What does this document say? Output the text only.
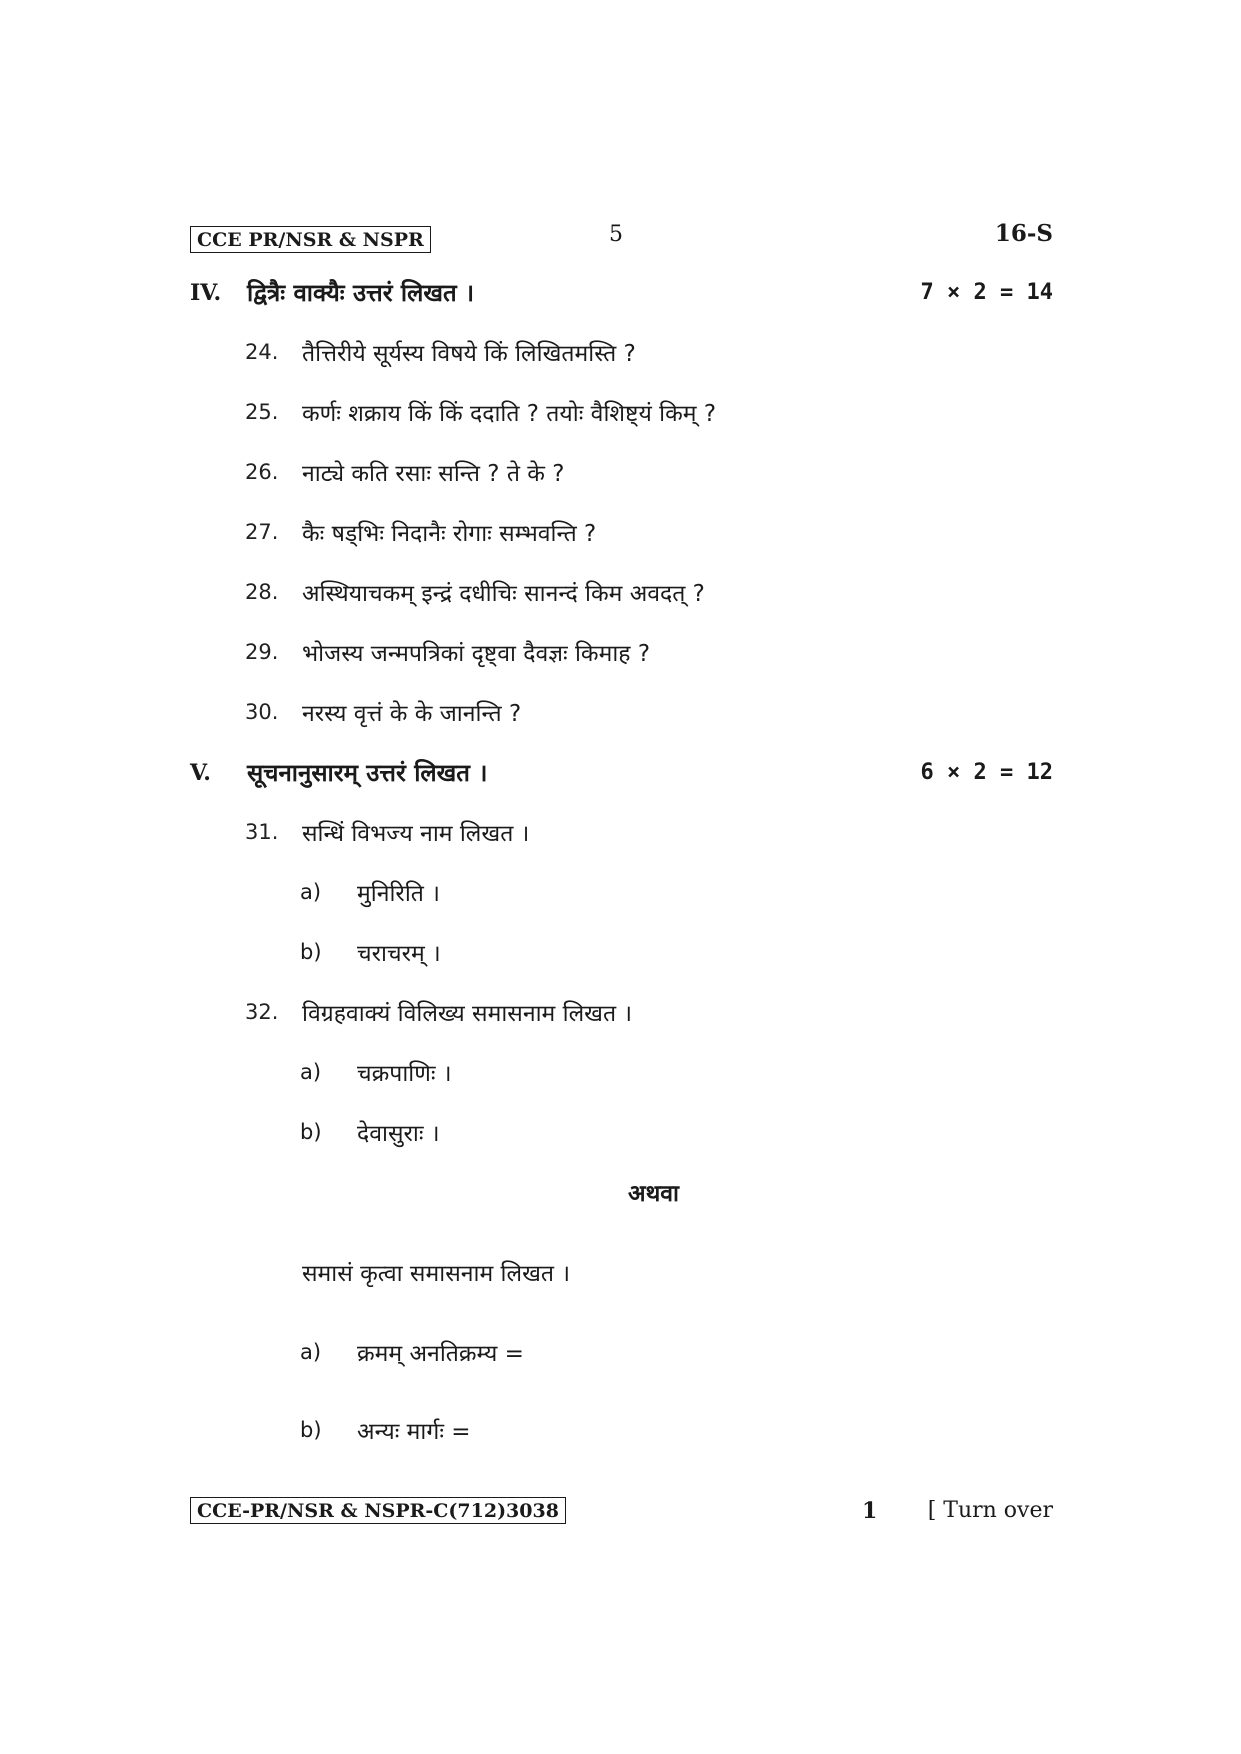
CCE PR/NSR & NSPR	5	16-S
IV. द्वित्रैः वाक्यैः उत्तरं लिखत ।	7 × 2 = 14
24. तैत्तिरीये सूर्यस्य विषये किं लिखितमस्ति ?
25. कर्णः शक्राय किं किं ददाति ? तयोः वैशिष्ट्यं किम् ?
26. नाट्ये कति रसाः सन्ति ? ते के ?
27. कैः षड्भिः निदानैः रोगाः सम्भवन्ति ?
28. अस्थियाचकम् इन्द्रं दधीचिः सानन्दं किम अवदत् ?
29. भोजस्य जन्मपत्रिकां दृष्ट्वा दैवज्ञः किमाह ?
30. नरस्य वृत्तं के के जानन्ति ?
V. सूचनानुसारम् उत्तरं लिखत ।	6 × 2 = 12
31. सन्धिं विभज्य नाम लिखत ।
a) मुनिरिति ।
b) चराचरम् ।
32. विग्रहवाक्यं विलिख्य समासनाम लिखत ।
a) चक्रपाणिः ।
b) देवासुराः ।
अथवा
समासं कृत्वा समासनाम लिखत ।
a) क्रमम् अनतिक्रम्य =
b) अन्यः मार्गः =
CCE-PR/NSR & NSPR-C(712)3038	1 [ Turn over
